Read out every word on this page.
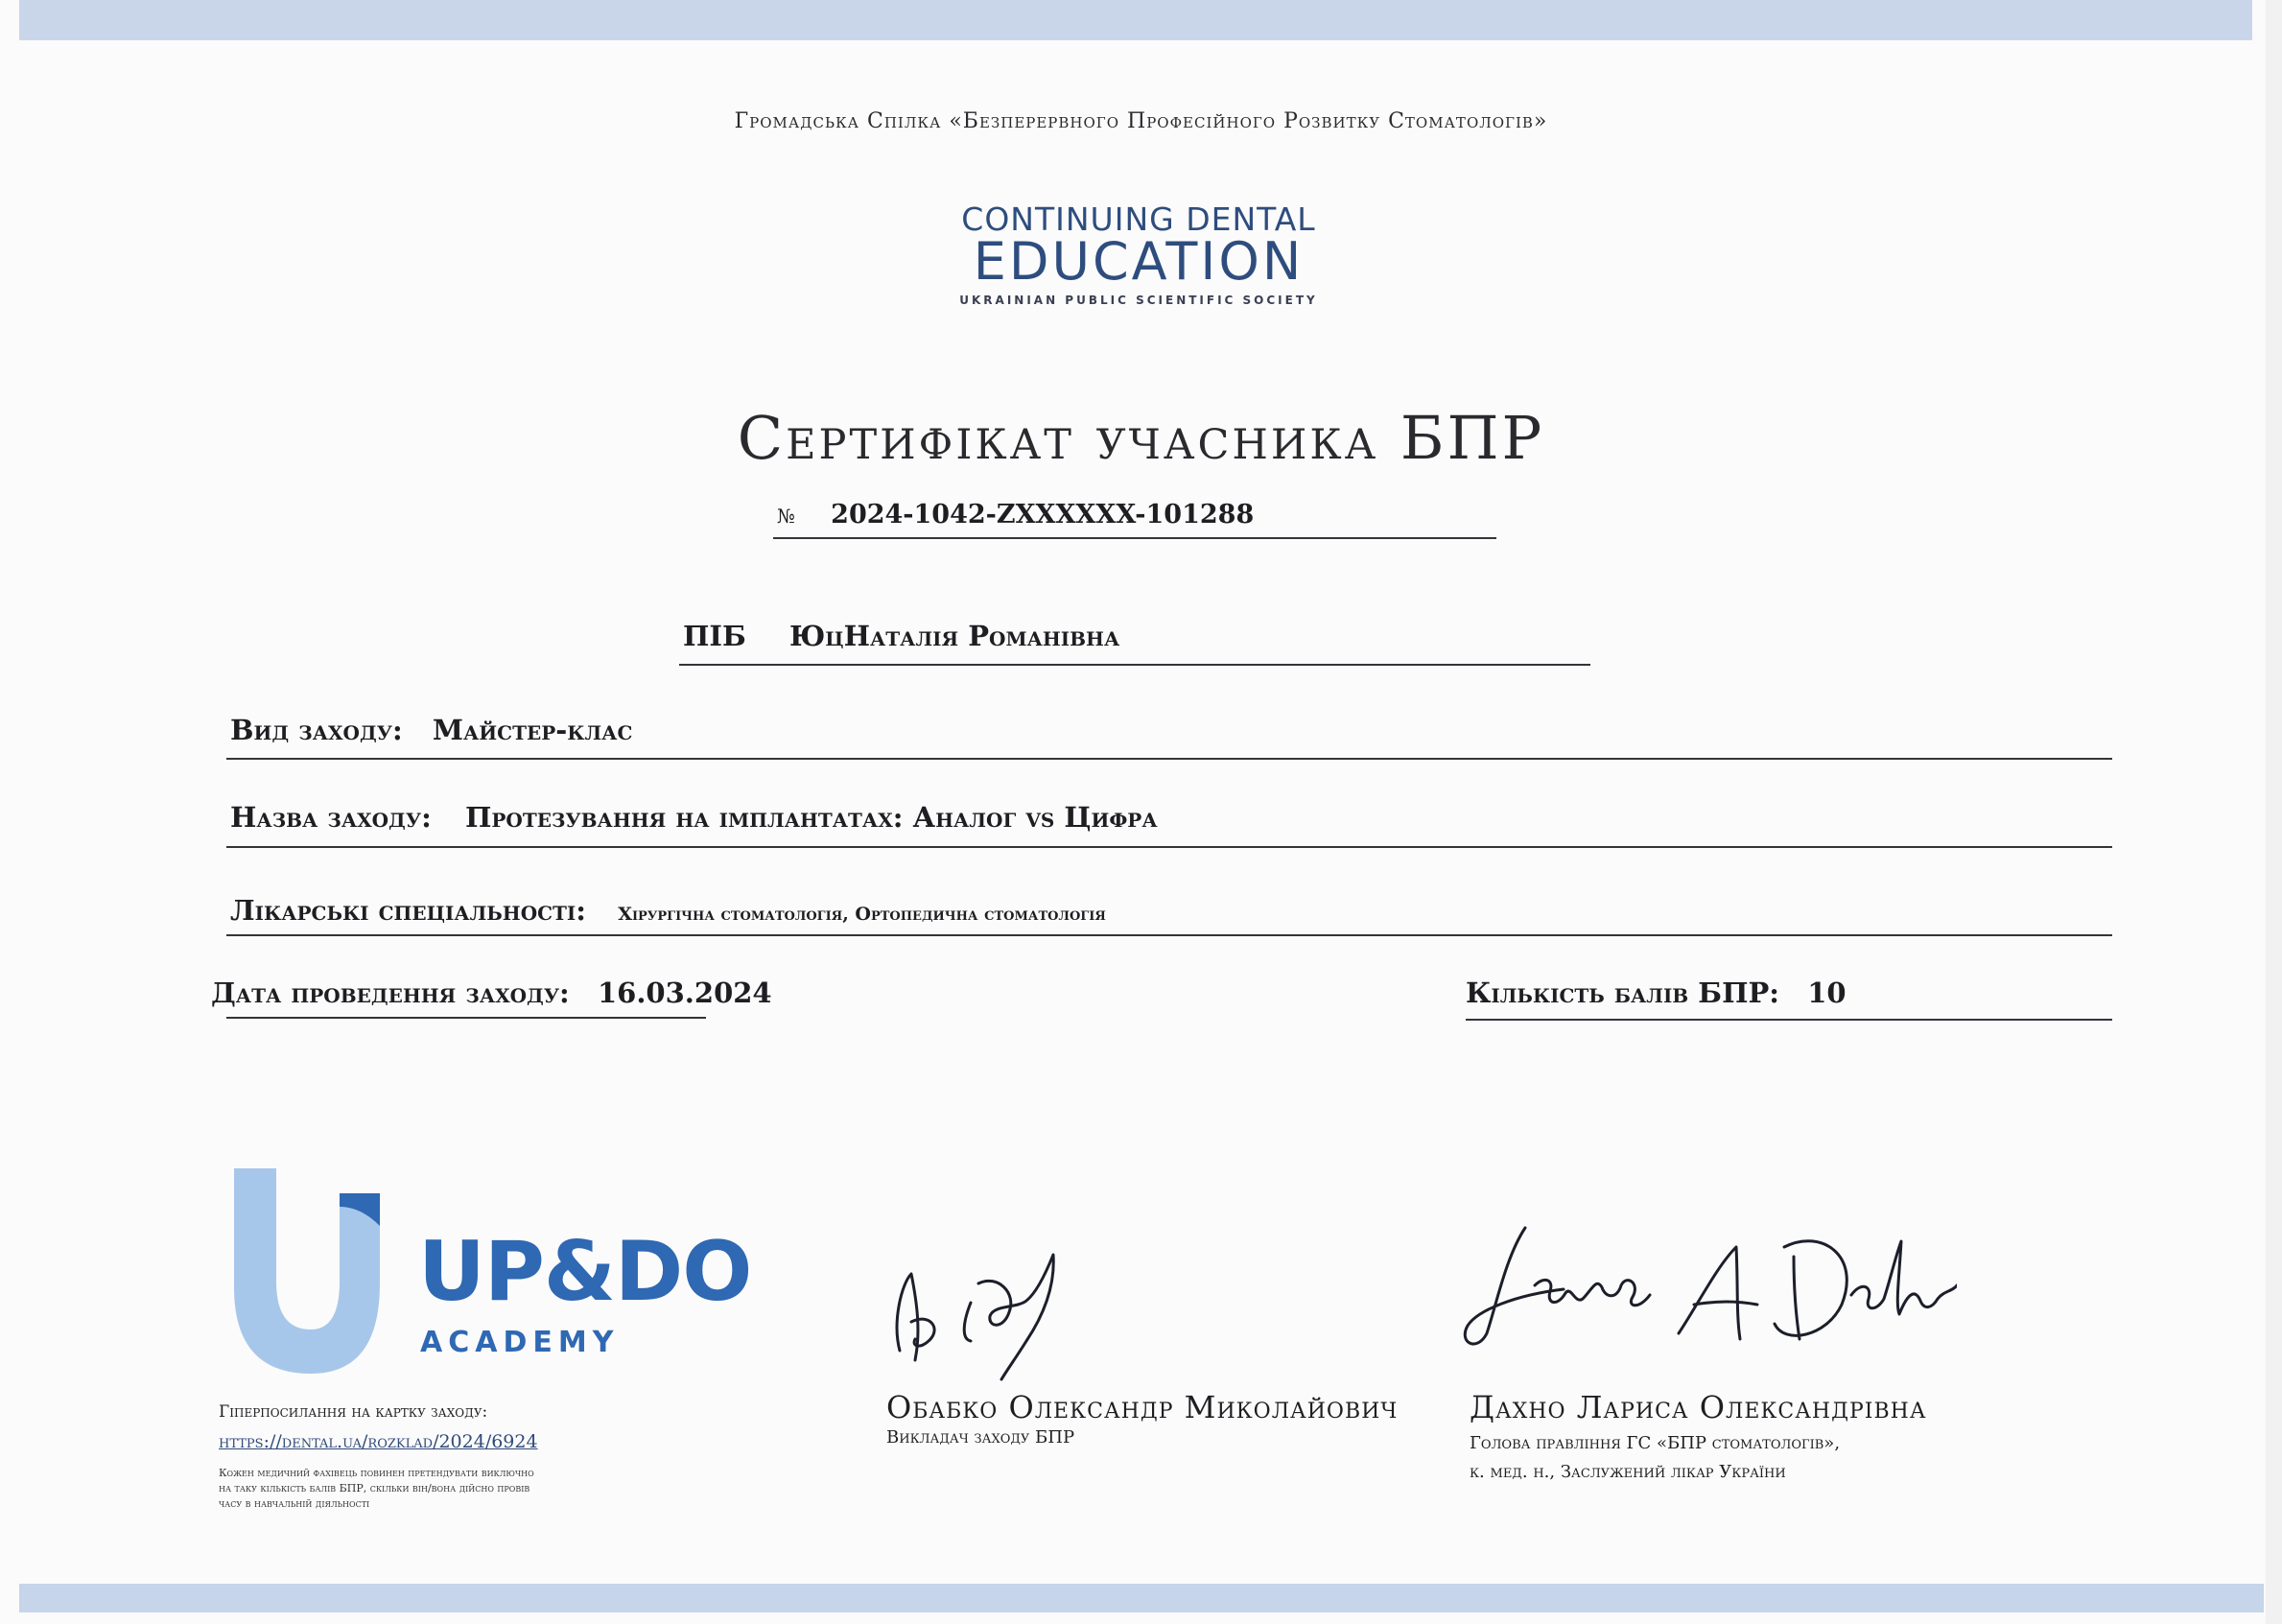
Громадська Спілка «Безперервного Професійного Розвитку Стоматологів»
CONTINUING DENTAL
EDUCATION
UKRAINIAN PUBLIC SCIENTIFIC SOCIETY
Сертифікат учасника БПР
№ 2024-1042-ZXXXXXX-101288
ПІБ ЮцНаталія Романівна
Вид заходу: Майстер-клас
Назва заходу: Протезування на імплантатах: Аналог vs Цифра
Лікарські спеціальності: Хірургічна стоматологія, Ортопедична стоматологія
Дата проведення заходу: 16.03.2024	Кількість балів БПР: 10
UP&DO
ACADEMY
Гіперпосилання на картку заходу:
https://dental.ua/rozklad/2024/6924
Кожен медичний фахівець повинен претендувати виключно
на таку кількість балів БПР, скільки він/вона дійсно провів
часу в навчальній діяльності
Обабко Олександр Миколайович
Викладач заходу БПР
Дахно Лариса Олександрівна
Голова правління ГС «БПР стоматологів»,
к. мед. н., Заслужений лікар України
